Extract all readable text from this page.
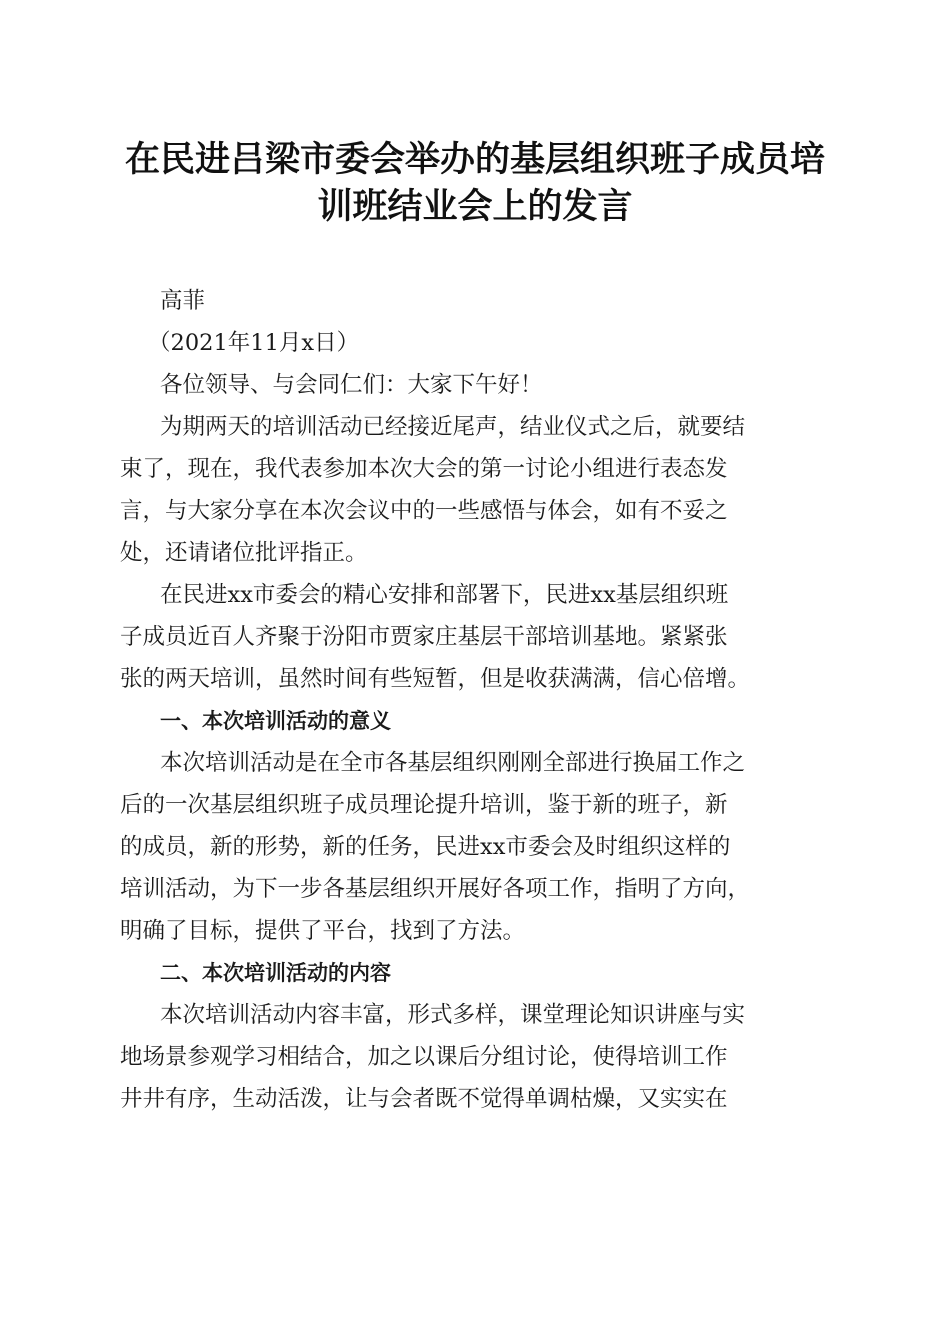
在民进吕梁市委会举办的基层组织班子成员培
训班结业会上的发言

高菲

（2021年11月x日）

各位领导、与会同仁们：大家下午好！

为期两天的培训活动已经接近尾声，结业仪式之后，就要结
束了，现在，我代表参加本次大会的第一讨论小组进行表态发
言，与大家分享在本次会议中的一些感悟与体会，如有不妥之
处，还请诸位批评指正。

在民进xx市委会的精心安排和部署下，民进xx基层组织班
子成员近百人齐聚于汾阳市贾家庄基层干部培训基地。紧紧张
张的两天培训，虽然时间有些短暂，但是收获满满，信心倍增。

一、本次培训活动的意义

本次培训活动是在全市各基层组织刚刚全部进行换届工作之
后的一次基层组织班子成员理论提升培训，鉴于新的班子，新
的成员，新的形势，新的任务，民进xx市委会及时组织这样的
培训活动，为下一步各基层组织开展好各项工作，指明了方向，
明确了目标，提供了平台，找到了方法。

二、本次培训活动的内容

本次培训活动内容丰富，形式多样，课堂理论知识讲座与实
地场景参观学习相结合，加之以课后分组讨论，使得培训工作
井井有序，生动活泼，让与会者既不觉得单调枯燥，又实实在
